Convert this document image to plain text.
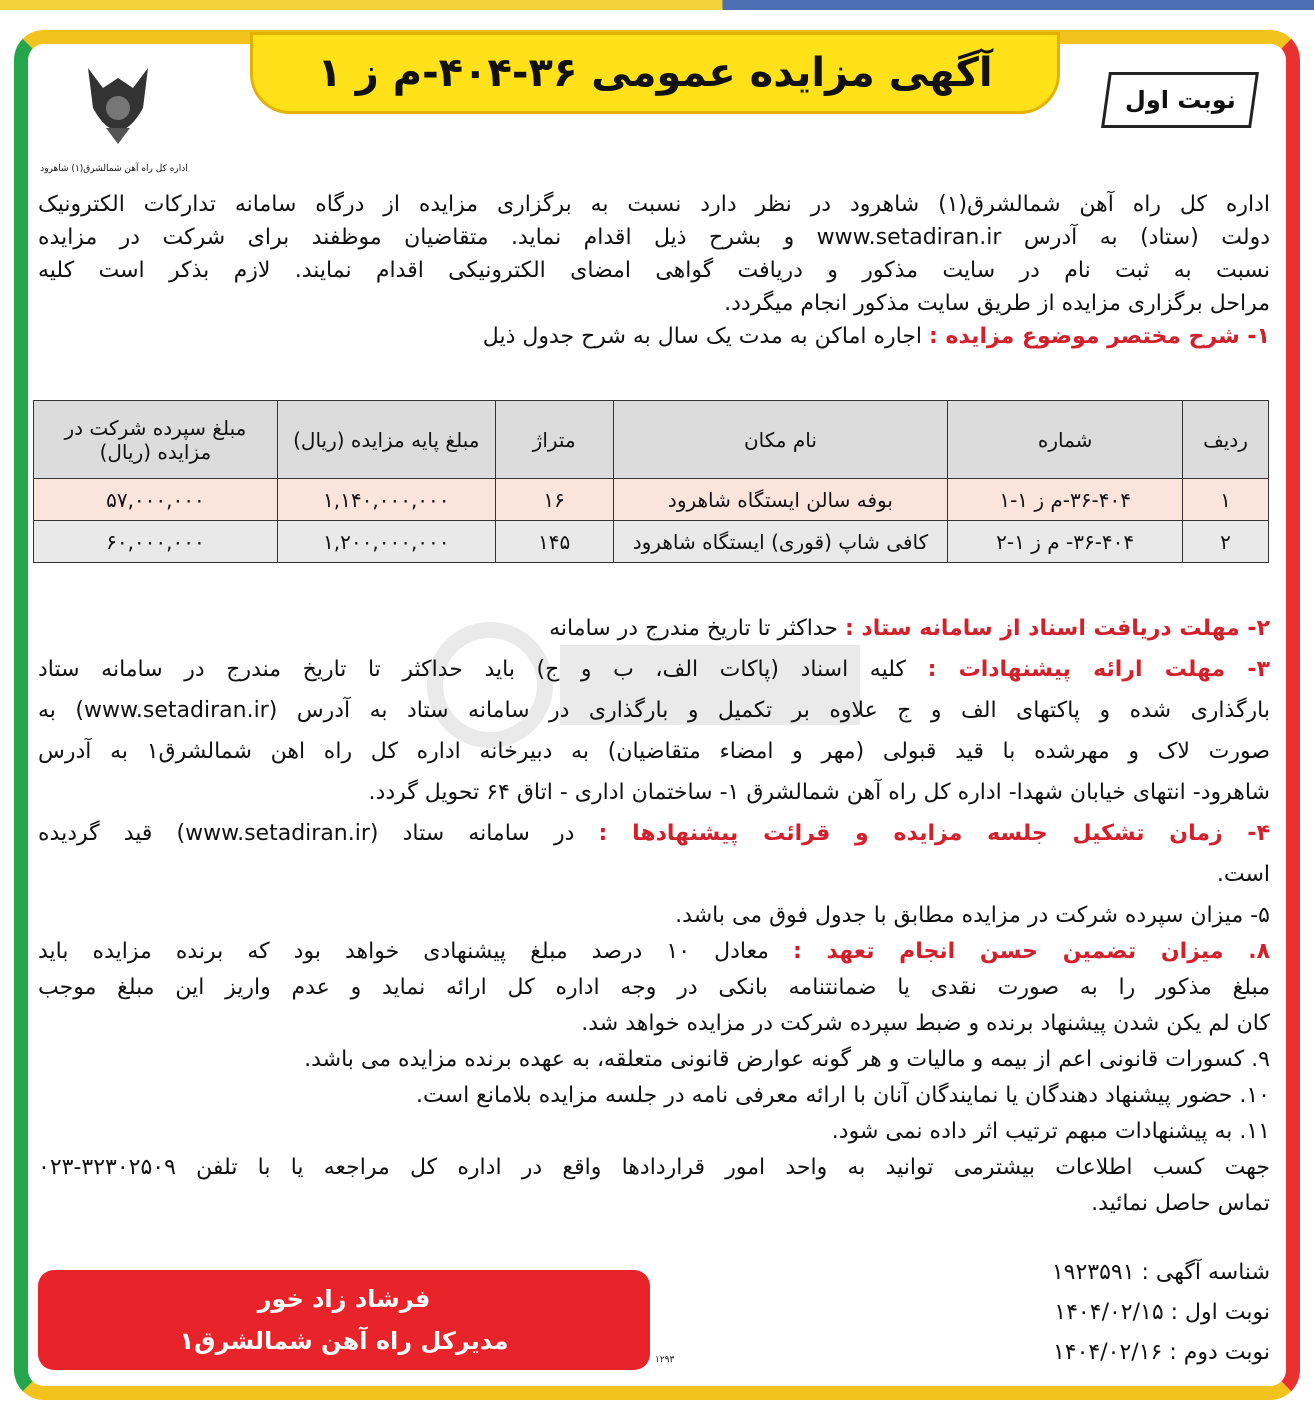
اداره کل راه آهن شمالشرق(۱) شاهرود
آگهی مزایده عمومی ۳۶-۴۰۴-م ز ۱
نوبت اول
اداره کل راه آهن شمالشرق(۱) شاهرود در نظر دارد نسبت به برگزاری مزایده از درگاه سامانه تدارکات الکترونیک
دولت (ستاد) به آدرس www.setadiran.ir و بشرح ذیل اقدام نماید. متقاضیان موظفند برای شرکت در مزایده
نسبت به ثبت نام در سایت مذکور و دریافت گواهی امضای الکترونیکی اقدام نمایند. لازم بذکر است کلیه
مراحل برگزاری مزایده از طریق سایت مذکور انجام میگردد.
۱- شرح مختصر موضوع مزایده : اجاره اماکن به مدت یک سال به شرح جدول ذیل
ردیف	شماره	نام مکان	متراژ	مبلغ پایه مزایده (ریال)	مبلغ سپرده شرکت در مزایده (ریال)
۱	۳۶-۴۰۴-م ز ۱-۱	بوفه سالن ایستگاه شاهرود	۱۶	۱,۱۴۰,۰۰۰,۰۰۰	۵۷,۰۰۰,۰۰۰
۲	۳۶-۴۰۴- م ز ۱-۲	کافی شاپ (قوری) ایستگاه شاهرود	۱۴۵	۱,۲۰۰,۰۰۰,۰۰۰	۶۰,۰۰۰,۰۰۰
۲- مهلت دریافت اسناد از سامانه ستاد : حداکثر تا تاریخ مندرج در سامانه
۳- مهلت ارائه پیشنهادات : کلیه اسناد (پاکات الف، ب و ج) باید حداکثر تا تاریخ مندرج در سامانه ستاد
بارگذاری شده و پاکتهای الف و ج علاوه بر تکمیل و بارگذاری در سامانه ستاد به آدرس (www.setadiran.ir) به
صورت لاک و مهرشده با قید قبولی (مهر و امضاء متقاضیان) به دبیرخانه اداره کل راه اهن شمالشرق۱ به آدرس
شاهرود- انتهای خیابان شهدا- اداره کل راه آهن شمالشرق ۱- ساختمان اداری - اتاق ۶۴ تحویل گردد.
۴- زمان تشکیل جلسه مزایده و قرائت پیشنهادها : در سامانه ستاد (www.setadiran.ir) قید گردیده
است.
۵- میزان سپرده شرکت در مزایده مطابق با جدول فوق می باشد.
۸. میزان تضمین حسن انجام تعهد : معادل ۱۰ درصد مبلغ پیشنهادی خواهد بود که برنده مزایده باید
مبلغ مذکور را به صورت نقدی یا ضمانتنامه بانکی در وجه اداره کل ارائه نماید و عدم واریز این مبلغ موجب
کان لم یکن شدن پیشنهاد برنده و ضبط سپرده شرکت در مزایده خواهد شد.
۹. کسورات قانونی اعم از بیمه و مالیات و هر گونه عوارض قانونی متعلقه، به عهده برنده مزایده می باشد.
۱۰. حضور پیشنهاد دهندگان یا نمایندگان آنان با ارائه معرفی نامه در جلسه مزایده بلامانع است.
۱۱. به پیشنهادات مبهم ترتیب اثر داده نمی شود.
جهت کسب اطلاعات بیشترمی توانید به واحد امور قراردادها واقع در اداره کل مراجعه یا با تلفن ۳۲۳۰۲۵۰۹-۰۲۳
تماس حاصل نمائید.
شناسه آگهی : ۱۹۲۳۵۹۱
نوبت اول : ۱۴۰۴/۰۲/۱۵
نوبت دوم : ۱۴۰۴/۰۲/۱۶
فرشاد زاد خور
مدیرکل راه آهن شمالشرق۱
۱۲۹۳
